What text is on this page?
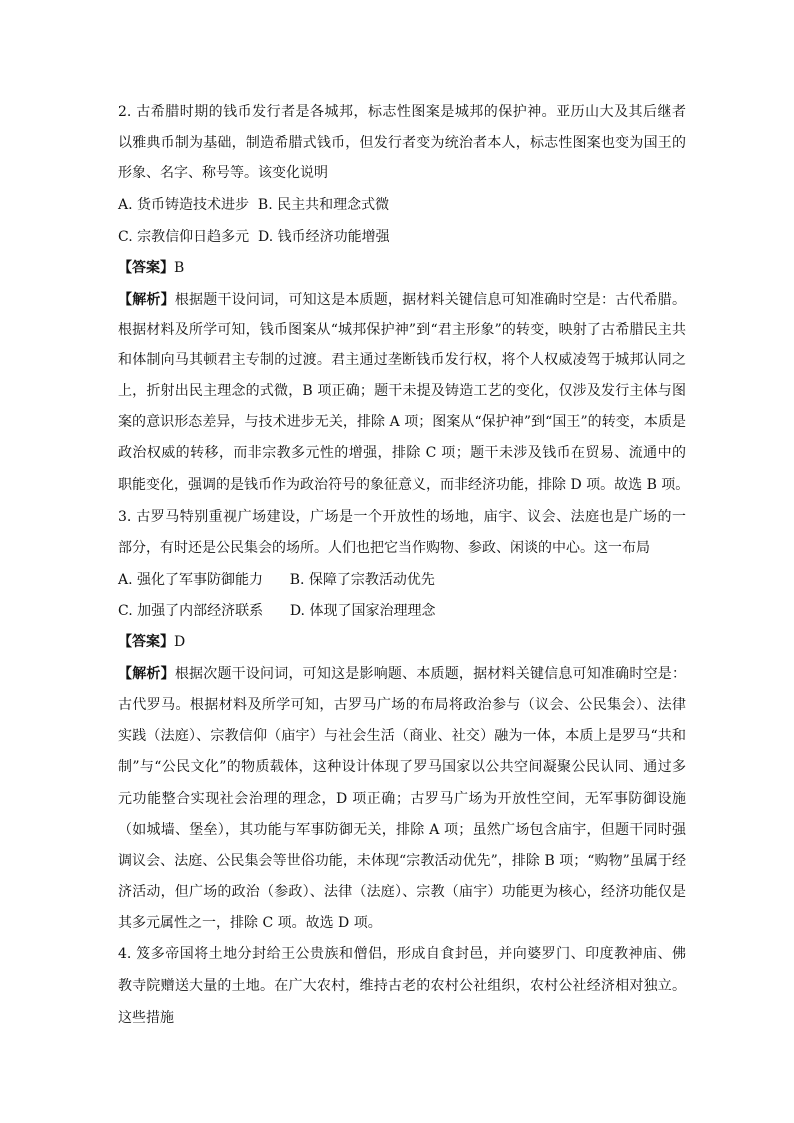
2. 古希腊时期的钱币发行者是各城邦，标志性图案是城邦的保护神。亚历山大及其后继者
以雅典币制为基础，制造希腊式钱币，但发行者变为统治者本人，标志性图案也变为国王的
形象、名字、称号等。该变化说明
A. 货币铸造技术进步  B. 民主共和理念式微
C. 宗教信仰日趋多元  D. 钱币经济功能增强
【答案】B
【解析】根据题干设问词，可知这是本质题，据材料关键信息可知准确时空是：古代希腊。
根据材料及所学可知，钱币图案从“城邦保护神”到“君主形象”的转变，映射了古希腊民主共
和体制向马其顿君主专制的过渡。君主通过垄断钱币发行权，将个人权威凌驾于城邦认同之
上，折射出民主理念的式微，B 项正确；题干未提及铸造工艺的变化，仅涉及发行主体与图
案的意识形态差异，与技术进步无关，排除 A 项；图案从“保护神”到“国王”的转变，本质是
政治权威的转移，而非宗教多元性的增强，排除 C 项；题干未涉及钱币在贸易、流通中的
职能变化，强调的是钱币作为政治符号的象征意义，而非经济功能，排除 D 项。故选 B 项。
3. 古罗马特别重视广场建设，广场是一个开放性的场地，庙宇、议会、法庭也是广场的一
部分，有时还是公民集会的场所。人们也把它当作购物、参政、闲谈的中心。这一布局
A. 强化了军事防御能力      B. 保障了宗教活动优先
C. 加强了内部经济联系      D. 体现了国家治理理念
【答案】D
【解析】根据次题干设问词，可知这是影响题、本质题，据材料关键信息可知准确时空是：
古代罗马。根据材料及所学可知，古罗马广场的布局将政治参与（议会、公民集会）、法律
实践（法庭）、宗教信仰（庙宇）与社会生活（商业、社交）融为一体，本质上是罗马“共和
制”与“公民文化”的物质载体，这种设计体现了罗马国家以公共空间凝聚公民认同、通过多
元功能整合实现社会治理的理念，D 项正确；古罗马广场为开放性空间，无军事防御设施
（如城墙、堡垒），其功能与军事防御无关，排除 A 项；虽然广场包含庙宇，但题干同时强
调议会、法庭、公民集会等世俗功能，未体现“宗教活动优先”，排除 B 项；“购物”虽属于经
济活动，但广场的政治（参政）、法律（法庭）、宗教（庙宇）功能更为核心，经济功能仅是
其多元属性之一，排除 C 项。故选 D 项。
4. 笈多帝国将土地分封给王公贵族和僧侣，形成自食封邑，并向婆罗门、印度教神庙、佛
教寺院赠送大量的土地。在广大农村，维持古老的农村公社组织，农村公社经济相对独立。
这些措施
